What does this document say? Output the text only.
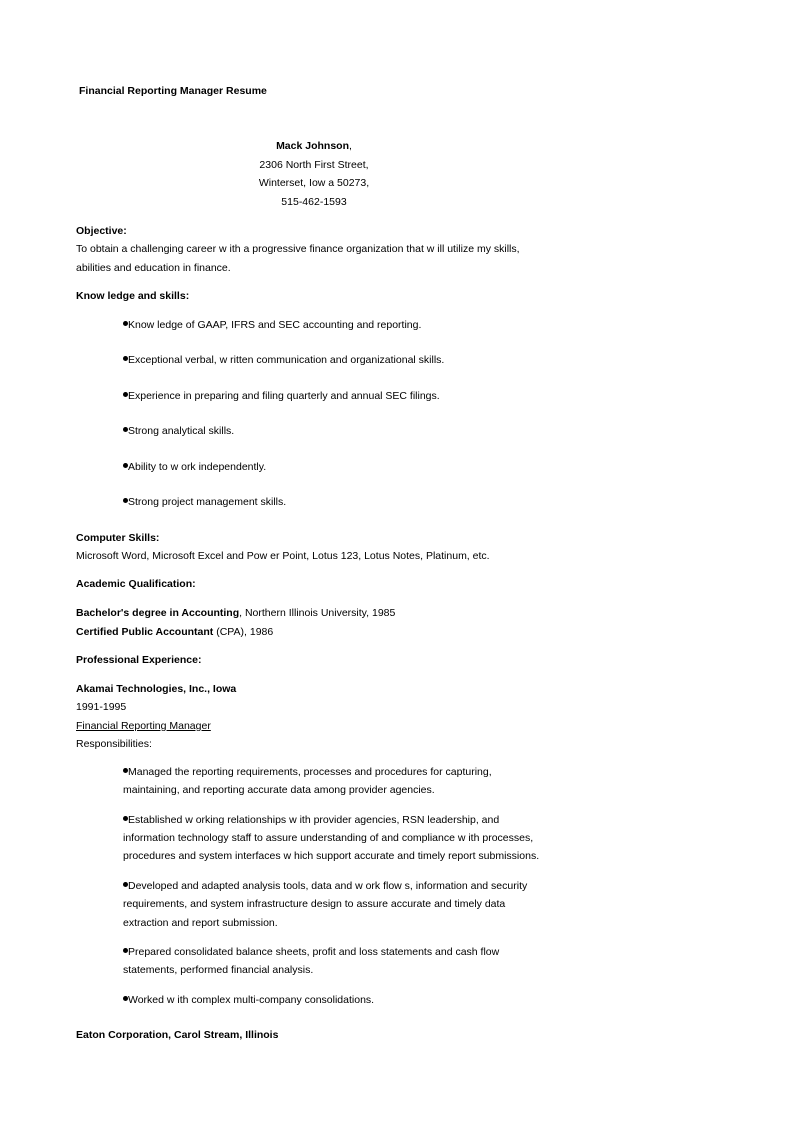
Financial Reporting Manager Resume
Mack Johnson,
2306 North First Street,
Winterset, Iow a 50273,
515-462-1593
Objective:
To obtain a challenging career w ith a progressive finance organization that w ill utilize my skills,
abilities and education in finance.
Know ledge and skills:
Know ledge of GAAP, IFRS and SEC accounting and reporting.
Exceptional verbal, w ritten communication and organizational skills.
Experience in preparing and filing quarterly and annual SEC filings.
Strong analytical skills.
Ability to w ork independently.
Strong project management skills.
Computer Skills:
Microsoft Word, Microsoft Excel and Pow er Point, Lotus 123, Lotus Notes, Platinum, etc.
Academic Qualification:
Bachelor's degree in Accounting, Northern Illinois University, 1985
Certified Public Accountant (CPA), 1986
Professional Experience:
Akamai Technologies, Inc., Iowa
1991-1995
Financial Reporting Manager
Responsibilities:
Managed the reporting requirements, processes and procedures for capturing,
maintaining, and reporting accurate data among provider agencies.
Established w orking relationships w ith provider agencies, RSN leadership, and
information technology staff to assure understanding of and compliance w ith processes,
procedures and system interfaces w hich support accurate and timely report submissions.
Developed and adapted analysis tools, data and w ork flow s, information and security
requirements, and system infrastructure design to assure accurate and timely data
extraction and report submission.
Prepared consolidated balance sheets, profit and loss statements and cash flow
statements, performed financial analysis.
Worked w ith complex multi-company consolidations.
Eaton Corporation, Carol Stream, Illinois
